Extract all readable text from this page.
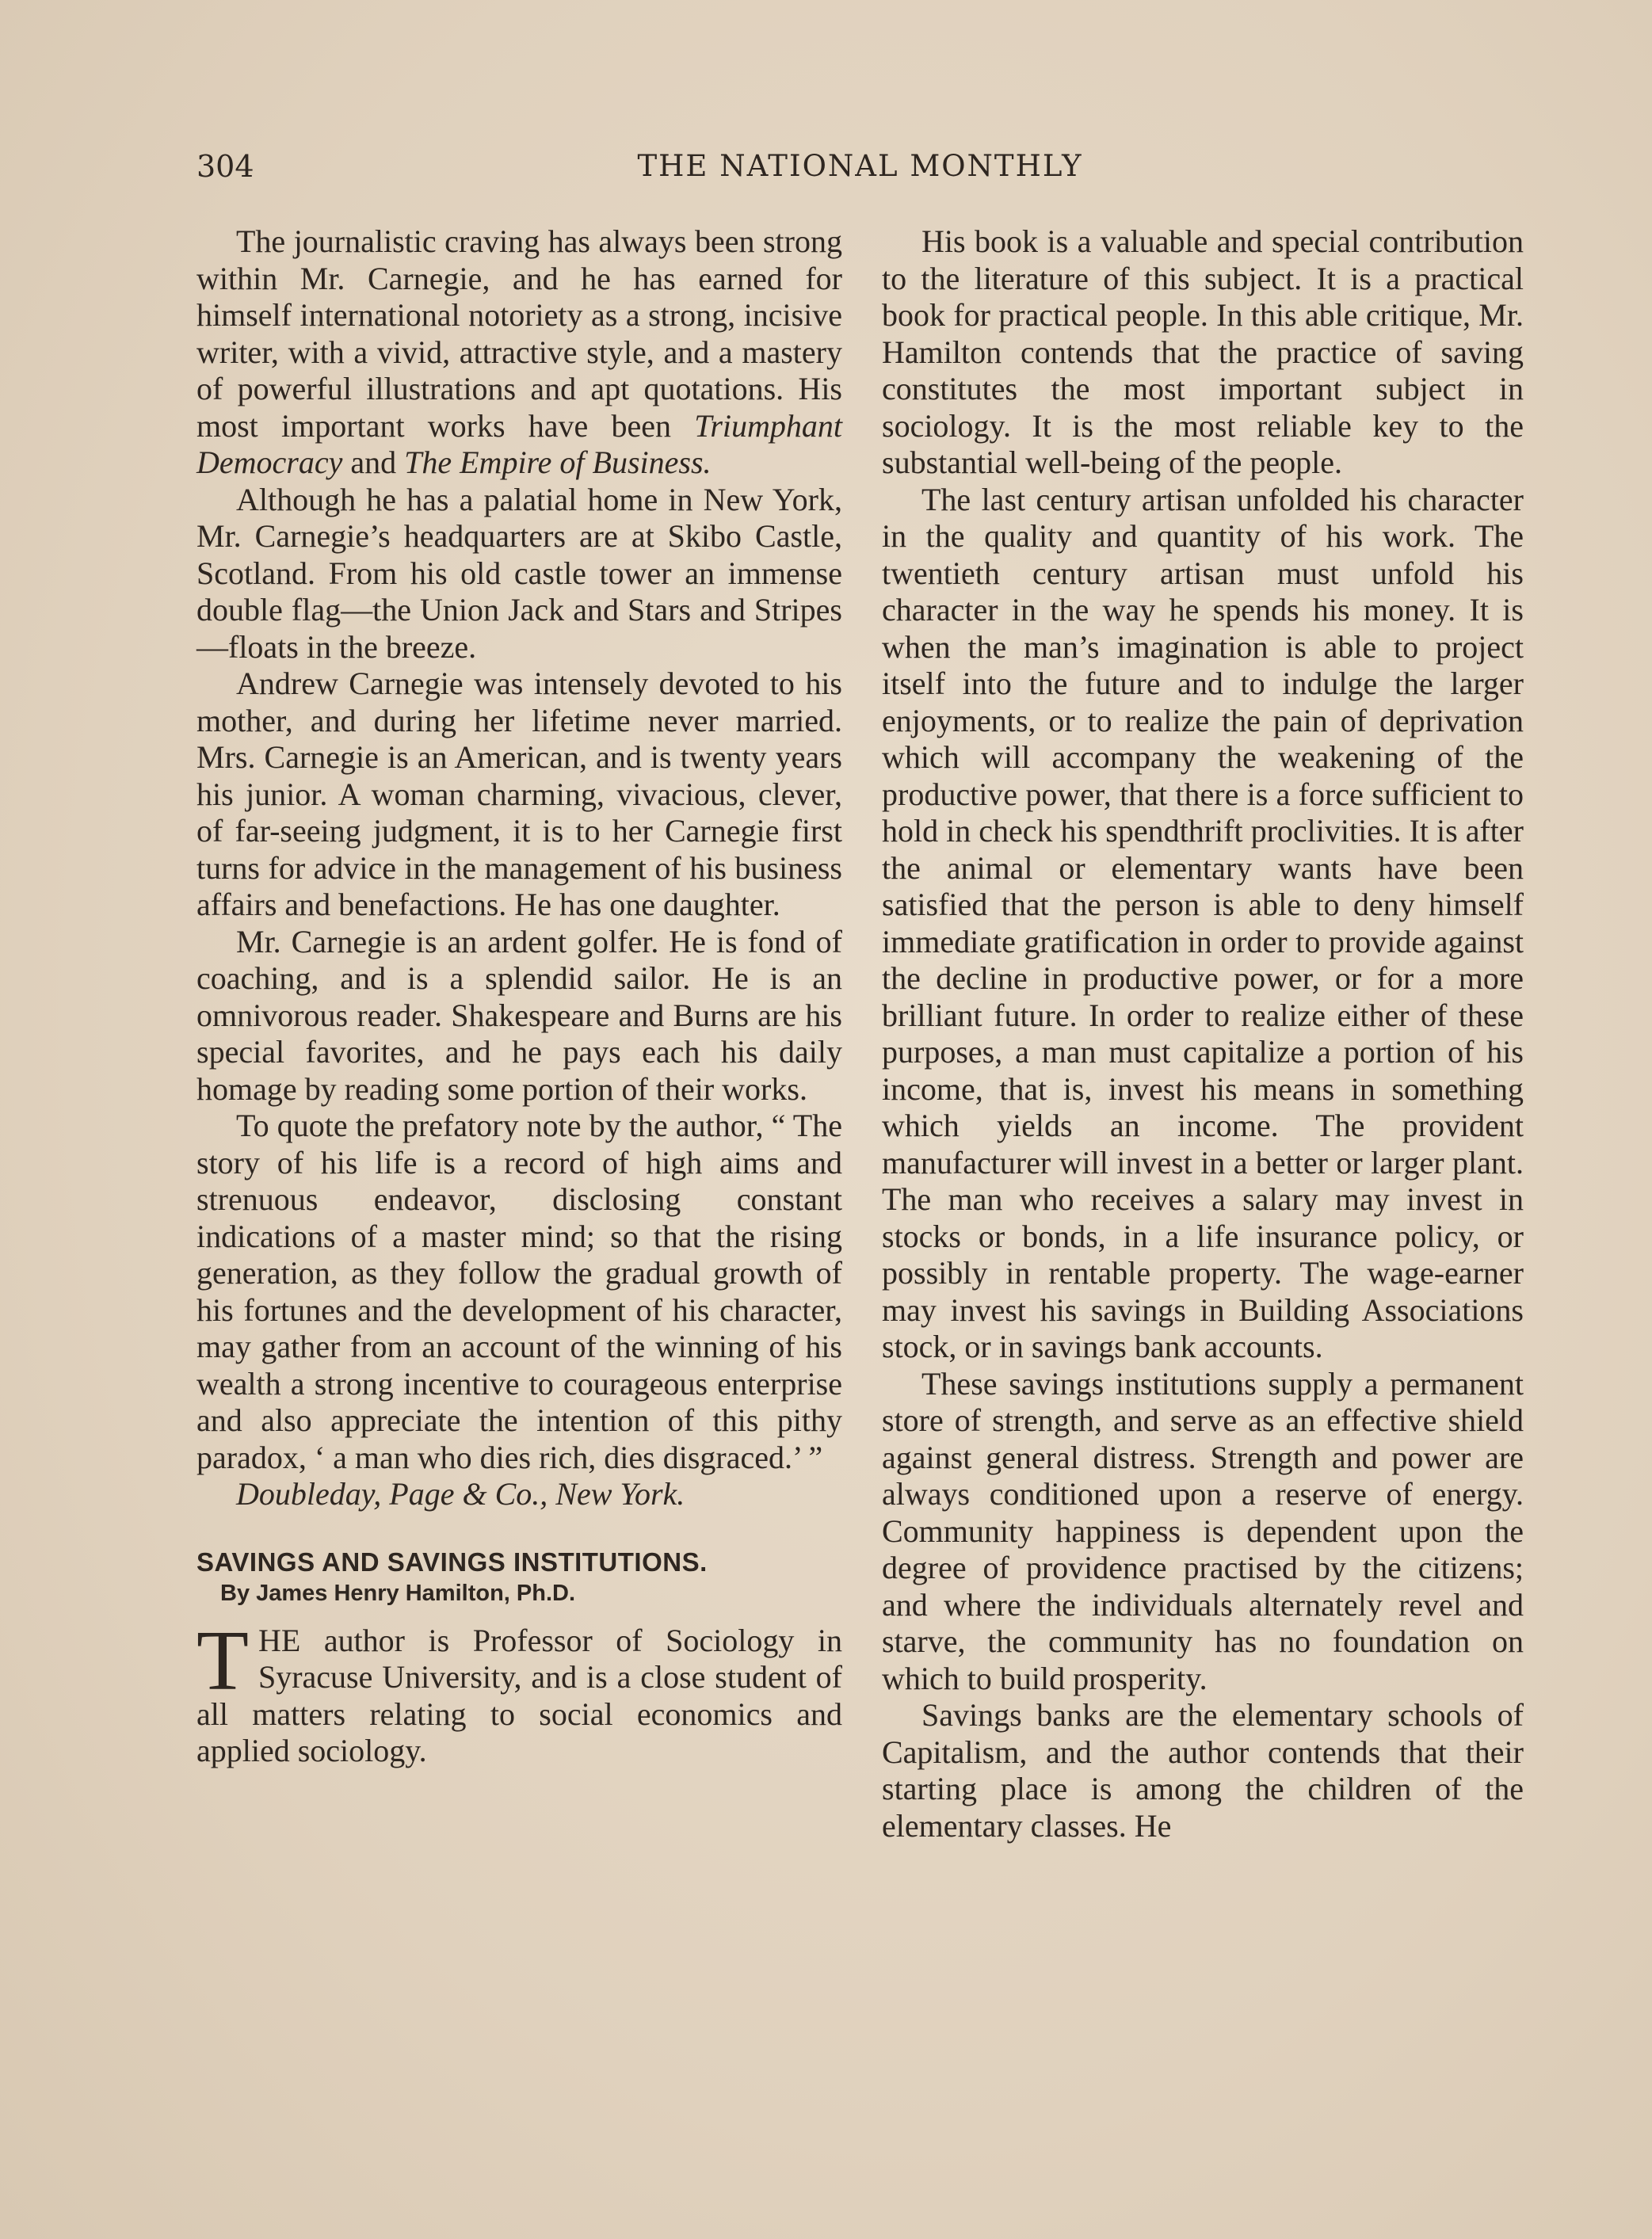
304	THE NATIONAL MONTHLY

The journalistic craving has always been strong within Mr. Carnegie, and he has earned for himself international notoriety as a strong, incisive writer, with a vivid, attractive style, and a mastery of powerful illustrations and apt quotations. His most important works have been Triumphant Democracy and The Empire of Business.

Although he has a palatial home in New York, Mr. Carnegie’s headquarters are at Skibo Castle, Scotland. From his old castle tower an immense double flag—the Union Jack and Stars and Stripes—floats in the breeze.

Andrew Carnegie was intensely devoted to his mother, and during her lifetime never married. Mrs. Carnegie is an American, and is twenty years his junior. A woman charming, vivacious, clever, of far-seeing judgment, it is to her Carnegie first turns for advice in the management of his business affairs and benefactions. He has one daughter.

Mr. Carnegie is an ardent golfer. He is fond of coaching, and is a splendid sailor. He is an omnivorous reader. Shakespeare and Burns are his special favorites, and he pays each his daily homage by reading some portion of their works.

To quote the prefatory note by the author, “ The story of his life is a record of high aims and strenuous endeavor, disclosing constant indications of a master mind; so that the rising generation, as they follow the gradual growth of his fortunes and the development of his character, may gather from an account of the winning of his wealth a strong incentive to courageous enterprise and also appreciate the intention of this pithy paradox, ‘ a man who dies rich, dies disgraced.’ ”

Doubleday, Page & Co., New York.

SAVINGS AND SAVINGS INSTITUTIONS.
By James Henry Hamilton, Ph.D.

THE author is Professor of Sociology in Syracuse University, and is a close student of all matters relating to social economics and applied sociology.

His book is a valuable and special contribution to the literature of this subject. It is a practical book for practical people. In this able critique, Mr. Hamilton contends that the practice of saving constitutes the most important subject in sociology. It is the most reliable key to the substantial well-being of the people.

The last century artisan unfolded his character in the quality and quantity of his work. The twentieth century artisan must unfold his character in the way he spends his money. It is when the man’s imagination is able to project itself into the future and to indulge the larger enjoyments, or to realize the pain of deprivation which will accompany the weakening of the productive power, that there is a force sufficient to hold in check his spendthrift proclivities. It is after the animal or elementary wants have been satisfied that the person is able to deny himself immediate gratification in order to provide against the decline in productive power, or for a more brilliant future. In order to realize either of these purposes, a man must capitalize a portion of his income, that is, invest his means in something which yields an income. The provident manufacturer will invest in a better or larger plant. The man who receives a salary may invest in stocks or bonds, in a life insurance policy, or possibly in rentable property. The wage-earner may invest his savings in Building Associations stock, or in savings bank accounts.

These savings institutions supply a permanent store of strength, and serve as an effective shield against general distress. Strength and power are always conditioned upon a reserve of energy. Community happiness is dependent upon the degree of providence practised by the citizens; and where the individuals alternately revel and starve, the community has no foundation on which to build prosperity.

Savings banks are the elementary schools of Capitalism, and the author contends that their starting place is among the children of the elementary classes. He
